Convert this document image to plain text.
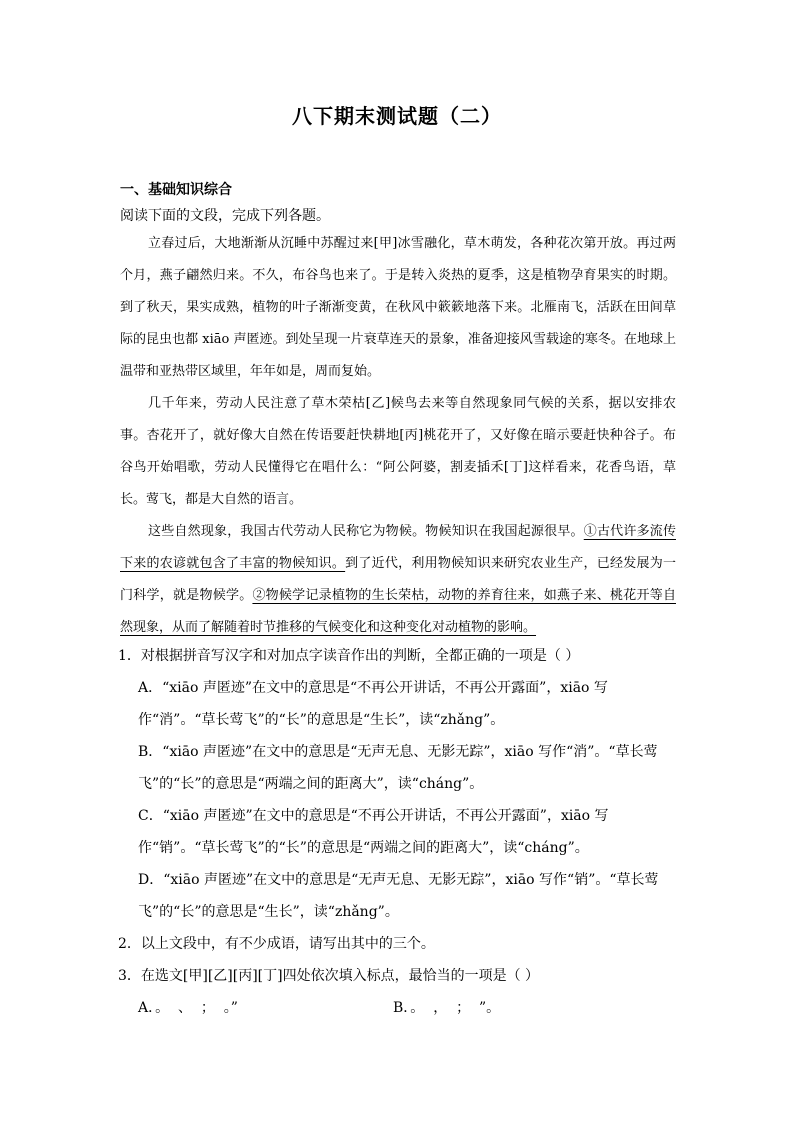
八下期末测试题（二）
一、基础知识综合
阅读下面的文段，完成下列各题。

立春过后，大地渐渐从沉睡中苏醒过来[甲]冰雪融化，草木萌发，各种花次第开放。再过两个月，燕子翩然归来。不久，布谷鸟也来了。于是转入炎热的夏季，这是植物孕育果实的时期。到了秋天，果实成熟，植物的叶子渐渐变黄，在秋风中簌簌地落下来。北雁南飞，活跃在田间草际的昆虫也都 xiāo 声匿迹。到处呈现一片衰草连天的景象，准备迎接风雪载途的寒冬。在地球上温带和亚热带区域里，年年如是，周而复始。

几千年来，劳动人民注意了草木荣枯[乙]候鸟去来等自然现象同气候的关系，据以安排农事。杏花开了，就好像大自然在传语要赶快耕地[丙]桃花开了，又好像在暗示要赶快种谷子。布谷鸟开始唱歌，劳动人民懂得它在唱什么：“阿公阿婆，割麦插禾[丁]这样看来，花香鸟语，草长。莺飞，都是大自然的语言。

这些自然现象，我国古代劳动人民称它为物候。物候知识在我国起源很早。①古代许多流传下来的农谚就包含了丰富的物候知识。到了近代，利用物候知识来研究农业生产，已经发展为一门科学，就是物候学。②物候学记录植物的生长荣枯，动物的养育往来，如燕子来、桃花开等自然现象，从而了解随着时节推移的气候变化和这种变化对动植物的影响。

1．对根据拼音写汉字和对加点字读音作出的判断，全都正确的一项是（ ）
A．“xiāo 声匿迹”在文中的意思是“不再公开讲话，不再公开露面”，xiāo 写作“消”。“草长莺飞”的“长”的意思是“生长”，读“zhǎng”。
B．“xiāo 声匿迹”在文中的意思是“无声无息、无影无踪”，xiāo 写作“消”。“草长莺飞”的“长”的意思是“两端之间的距离大”，读“cháng”。
C．“xiāo 声匿迹”在文中的意思是“不再公开讲话，不再公开露面”，xiāo 写作“销”。“草长莺飞”的“长”的意思是“两端之间的距离大”，读“cháng”。
D．“xiāo 声匿迹”在文中的意思是“无声无息、无影无踪”，xiāo 写作“销”。“草长莺飞”的“长”的意思是“生长”，读“zhǎng”。
2．以上文段中，有不少成语，请写出其中的三个。
3．在选文[甲][乙][丙][丁]四处依次填入标点，最恰当的一项是（ ）
A．。  、  ；  。”	B．。  ，  ；  ”。
